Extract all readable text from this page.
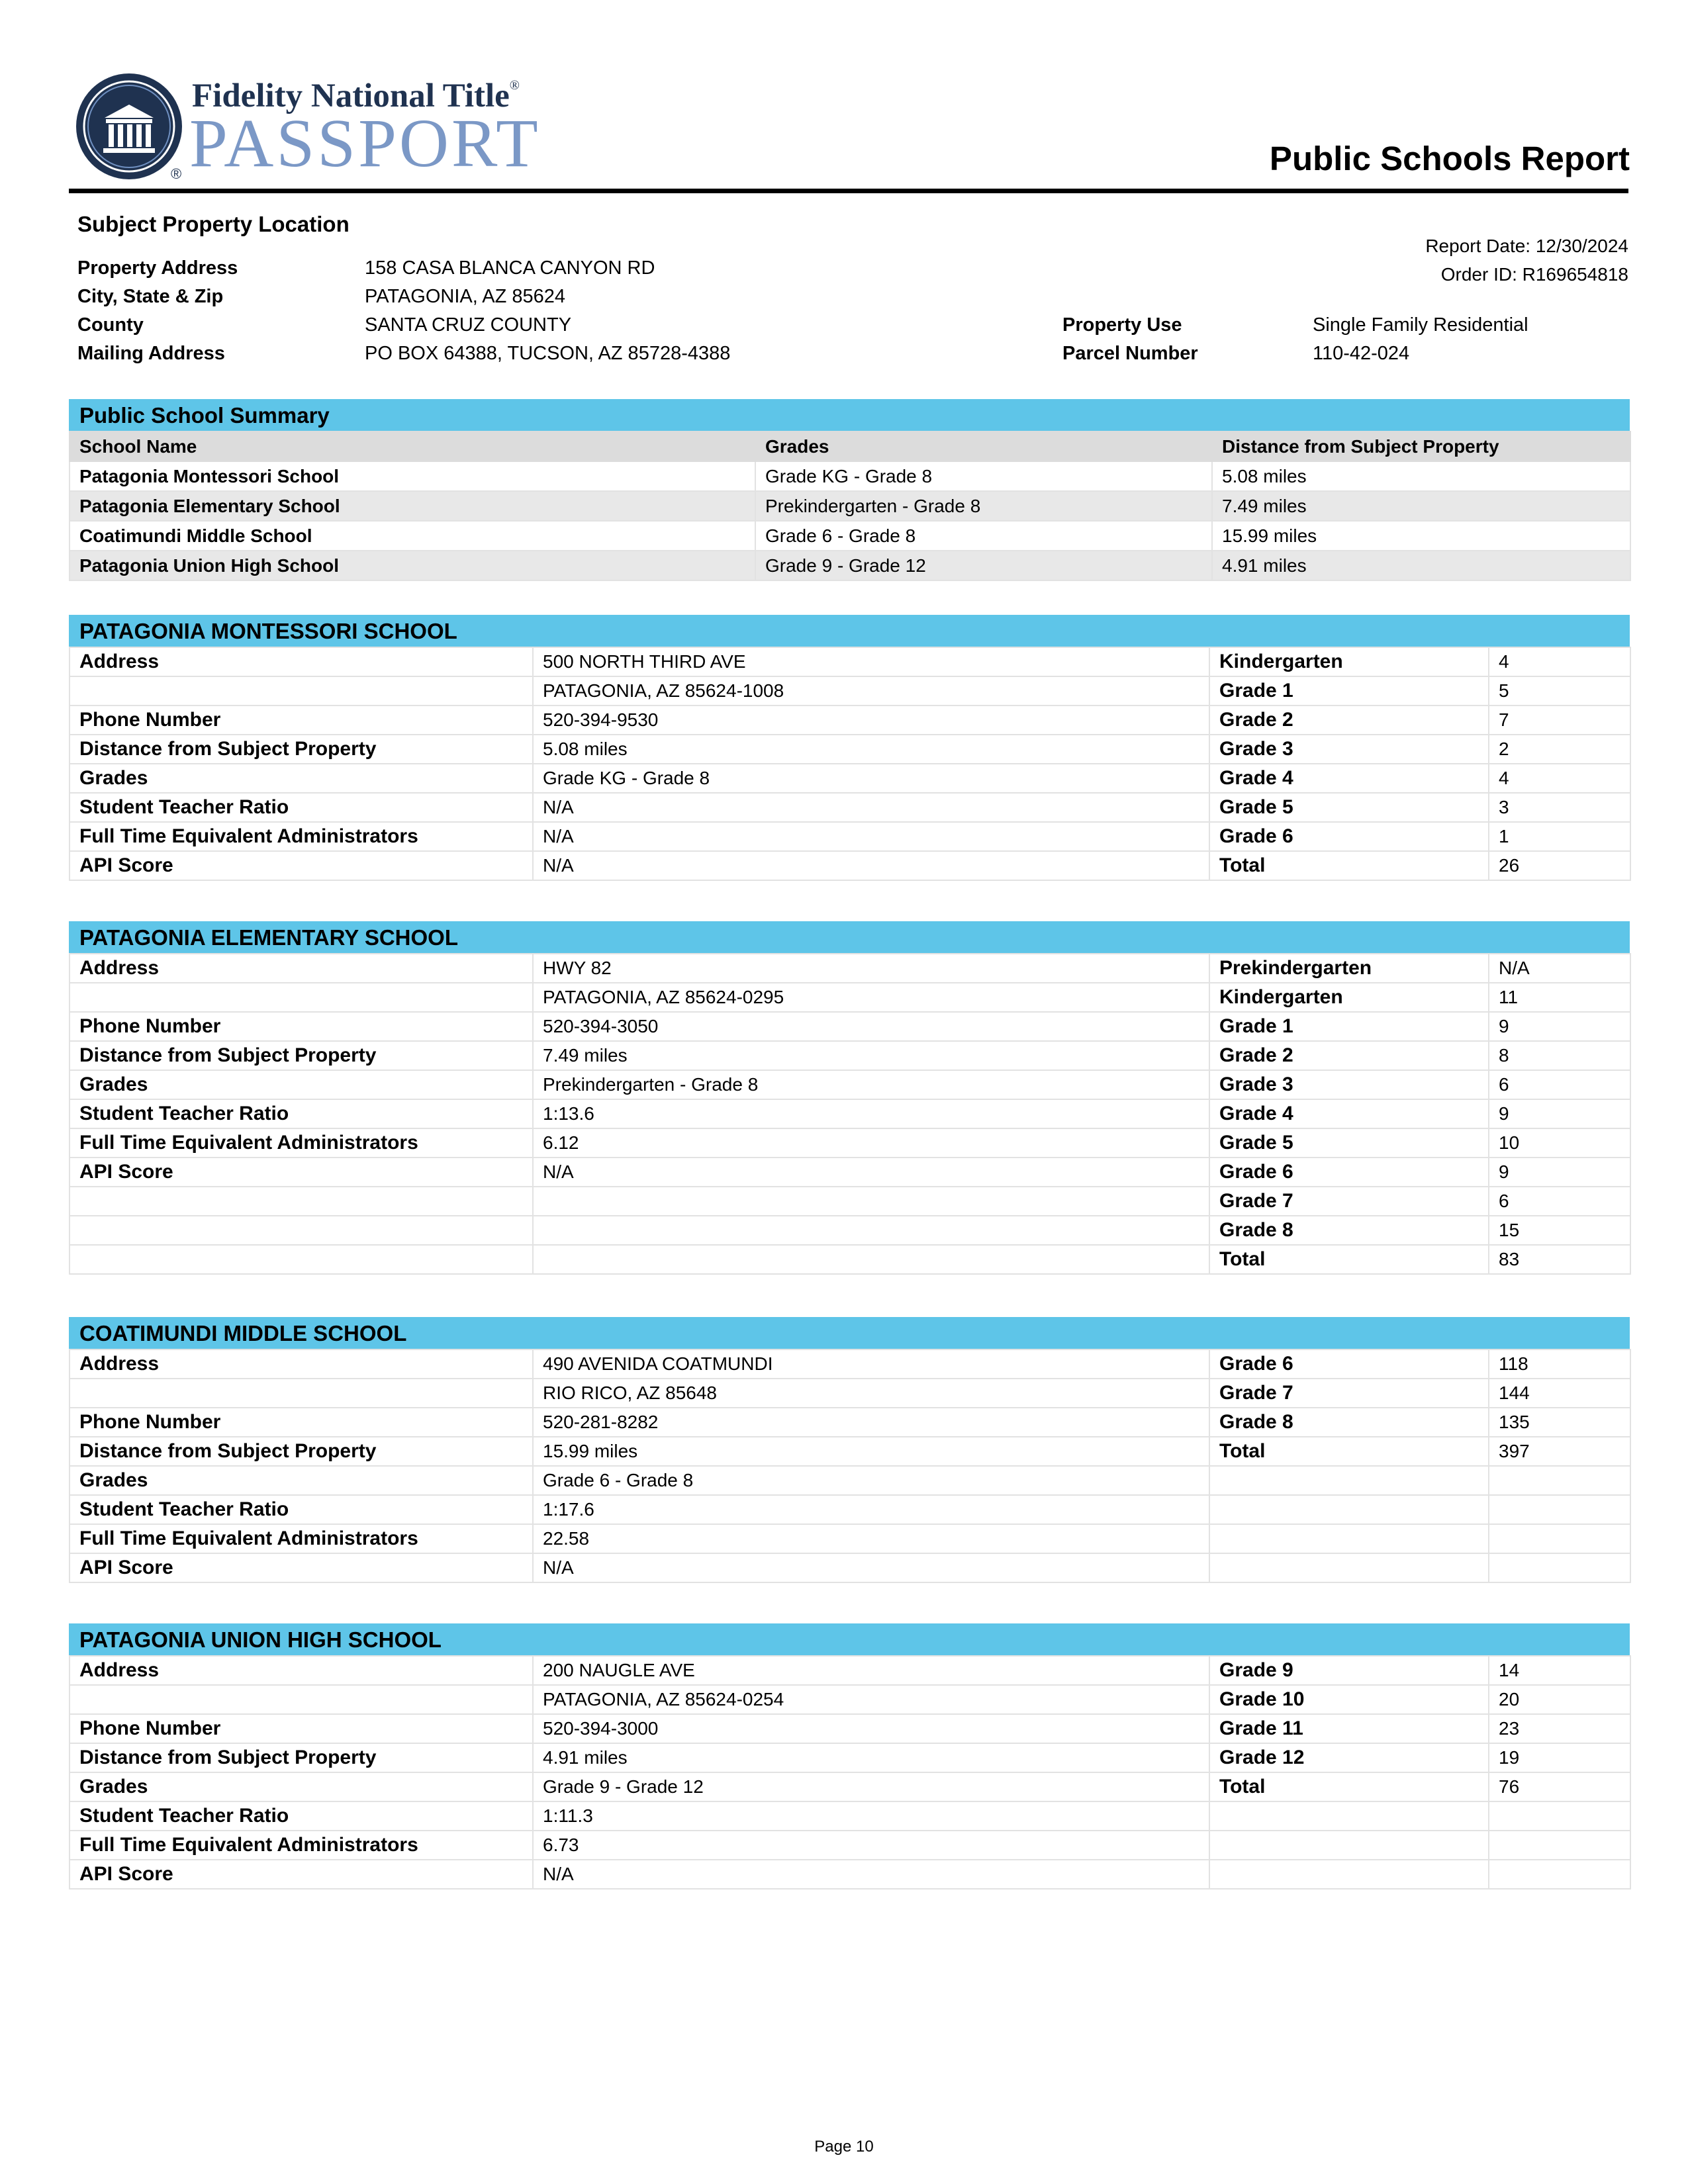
Fidelity National Title®
PASSPORT
®	Public Schools Report
Subject Property Location
Report Date: 12/30/2024
Order ID: R169654818
Property Address	158 CASA BLANCA CANYON RD
City, State & Zip	PATAGONIA, AZ 85624
County	SANTA CRUZ COUNTY	Property Use	Single Family Residential
Mailing Address	PO BOX 64388, TUCSON, AZ 85728-4388	Parcel Number	110-42-024
Public School Summary
School Name	Grades	Distance from Subject Property
Patagonia Montessori School	Grade KG - Grade 8	5.08 miles
Patagonia Elementary School	Prekindergarten - Grade 8	7.49 miles
Coatimundi Middle School	Grade 6 - Grade 8	15.99 miles
Patagonia Union High School	Grade 9 - Grade 12	4.91 miles
PATAGONIA MONTESSORI SCHOOL
Address	500 NORTH THIRD AVE	Kindergarten	4
	PATAGONIA, AZ 85624-1008	Grade 1	5
Phone Number	520-394-9530	Grade 2	7
Distance from Subject Property	5.08 miles	Grade 3	2
Grades	Grade KG - Grade 8	Grade 4	4
Student Teacher Ratio	N/A	Grade 5	3
Full Time Equivalent Administrators	N/A	Grade 6	1
API Score	N/A	Total	26
PATAGONIA ELEMENTARY SCHOOL
Address	HWY 82	Prekindergarten	N/A
	PATAGONIA, AZ 85624-0295	Kindergarten	11
Phone Number	520-394-3050	Grade 1	9
Distance from Subject Property	7.49 miles	Grade 2	8
Grades	Prekindergarten - Grade 8	Grade 3	6
Student Teacher Ratio	1:13.6	Grade 4	9
Full Time Equivalent Administrators	6.12	Grade 5	10
API Score	N/A	Grade 6	9
		Grade 7	6
		Grade 8	15
		Total	83
COATIMUNDI MIDDLE SCHOOL
Address	490 AVENIDA COATMUNDI	Grade 6	118
	RIO RICO, AZ 85648	Grade 7	144
Phone Number	520-281-8282	Grade 8	135
Distance from Subject Property	15.99 miles	Total	397
Grades	Grade 6 - Grade 8		
Student Teacher Ratio	1:17.6		
Full Time Equivalent Administrators	22.58		
API Score	N/A		
PATAGONIA UNION HIGH SCHOOL
Address	200 NAUGLE AVE	Grade 9	14
	PATAGONIA, AZ 85624-0254	Grade 10	20
Phone Number	520-394-3000	Grade 11	23
Distance from Subject Property	4.91 miles	Grade 12	19
Grades	Grade 9 - Grade 12	Total	76
Student Teacher Ratio	1:11.3		
Full Time Equivalent Administrators	6.73		
API Score	N/A		
Page 10
